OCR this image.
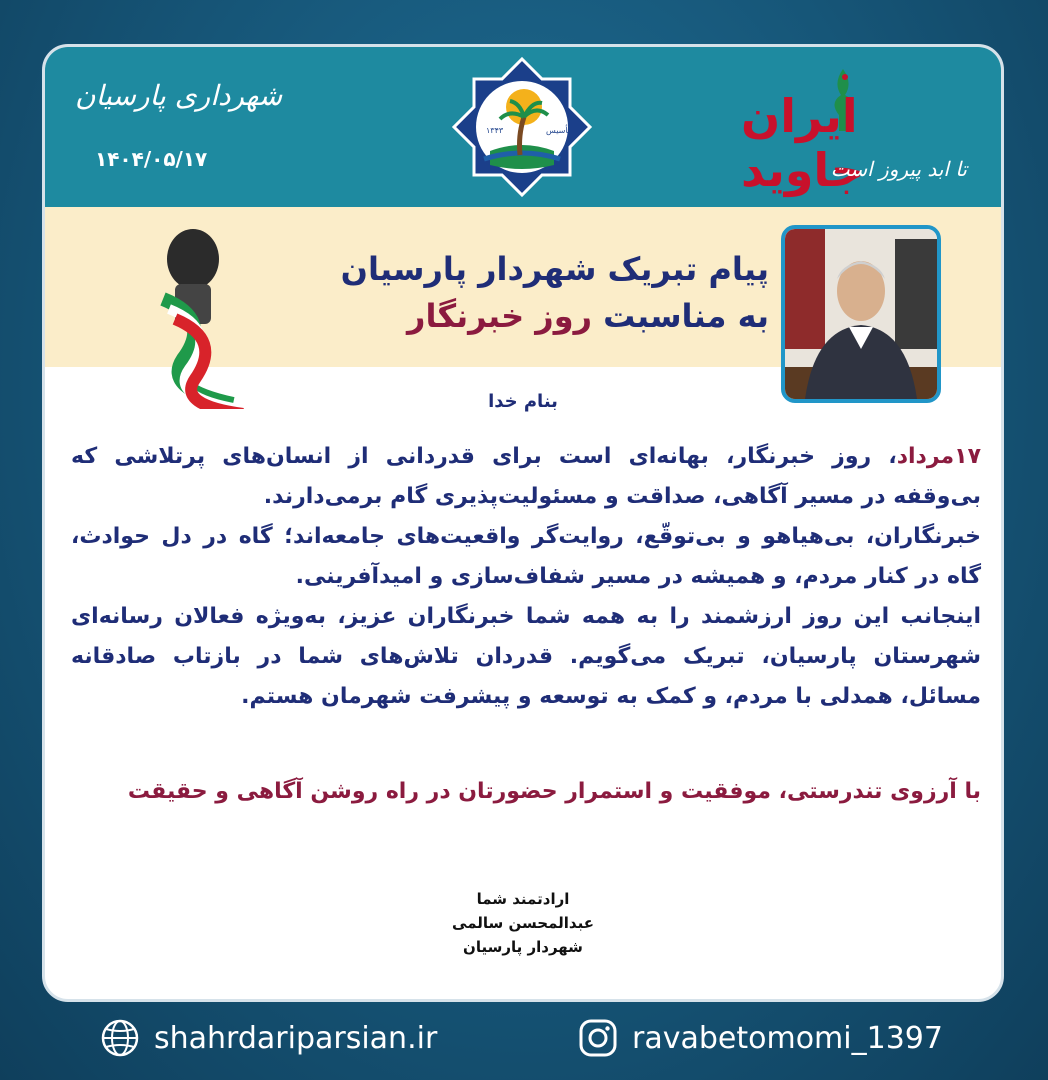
شهرداری پارسیان
۱۴۰۴/۰۵/۱۷
۱۳۴۳	تأسیس	ایران جاوید
تا ابد پیروز است
پیام تبریک شهردار پارسیان
به مناسبت روز خبرنگار
بنام خدا

۱۷مرداد، روز خبرنگار، بهانه‌ای است برای قدردانی از انسان‌های پرتلاشی که بی‌وقفه در مسیر آگاهی، صداقت و مسئولیت‌پذیری گام برمی‌دارند.

خبرنگاران، بی‌هیاهو و بی‌توقّع، روایت‌گر واقعیت‌های جامعه‌اند؛ گاه در دل حوادث، گاه در کنار مردم، و همیشه در مسیر شفاف‌سازی و امیدآفرینی.

اینجانب این روز ارزشمند را به همه شما خبرنگاران عزیز، به‌ویژه فعالان رسانه‌ای شهرستان پارسیان، تبریک می‌گویم. قدردان تلاش‌های شما در بازتاب صادقانه مسائل، همدلی با مردم، و کمک به توسعه و پیشرفت شهرمان هستم.

با آرزوی تندرستی، موفقیت و استمرار حضورتان در راه روشن آگاهی و حقیقت
ارادتمند شما
عبدالمحسن سالمی
شهردار پارسیان
shahrdariparsian.ir	ravabetomomi_1397
